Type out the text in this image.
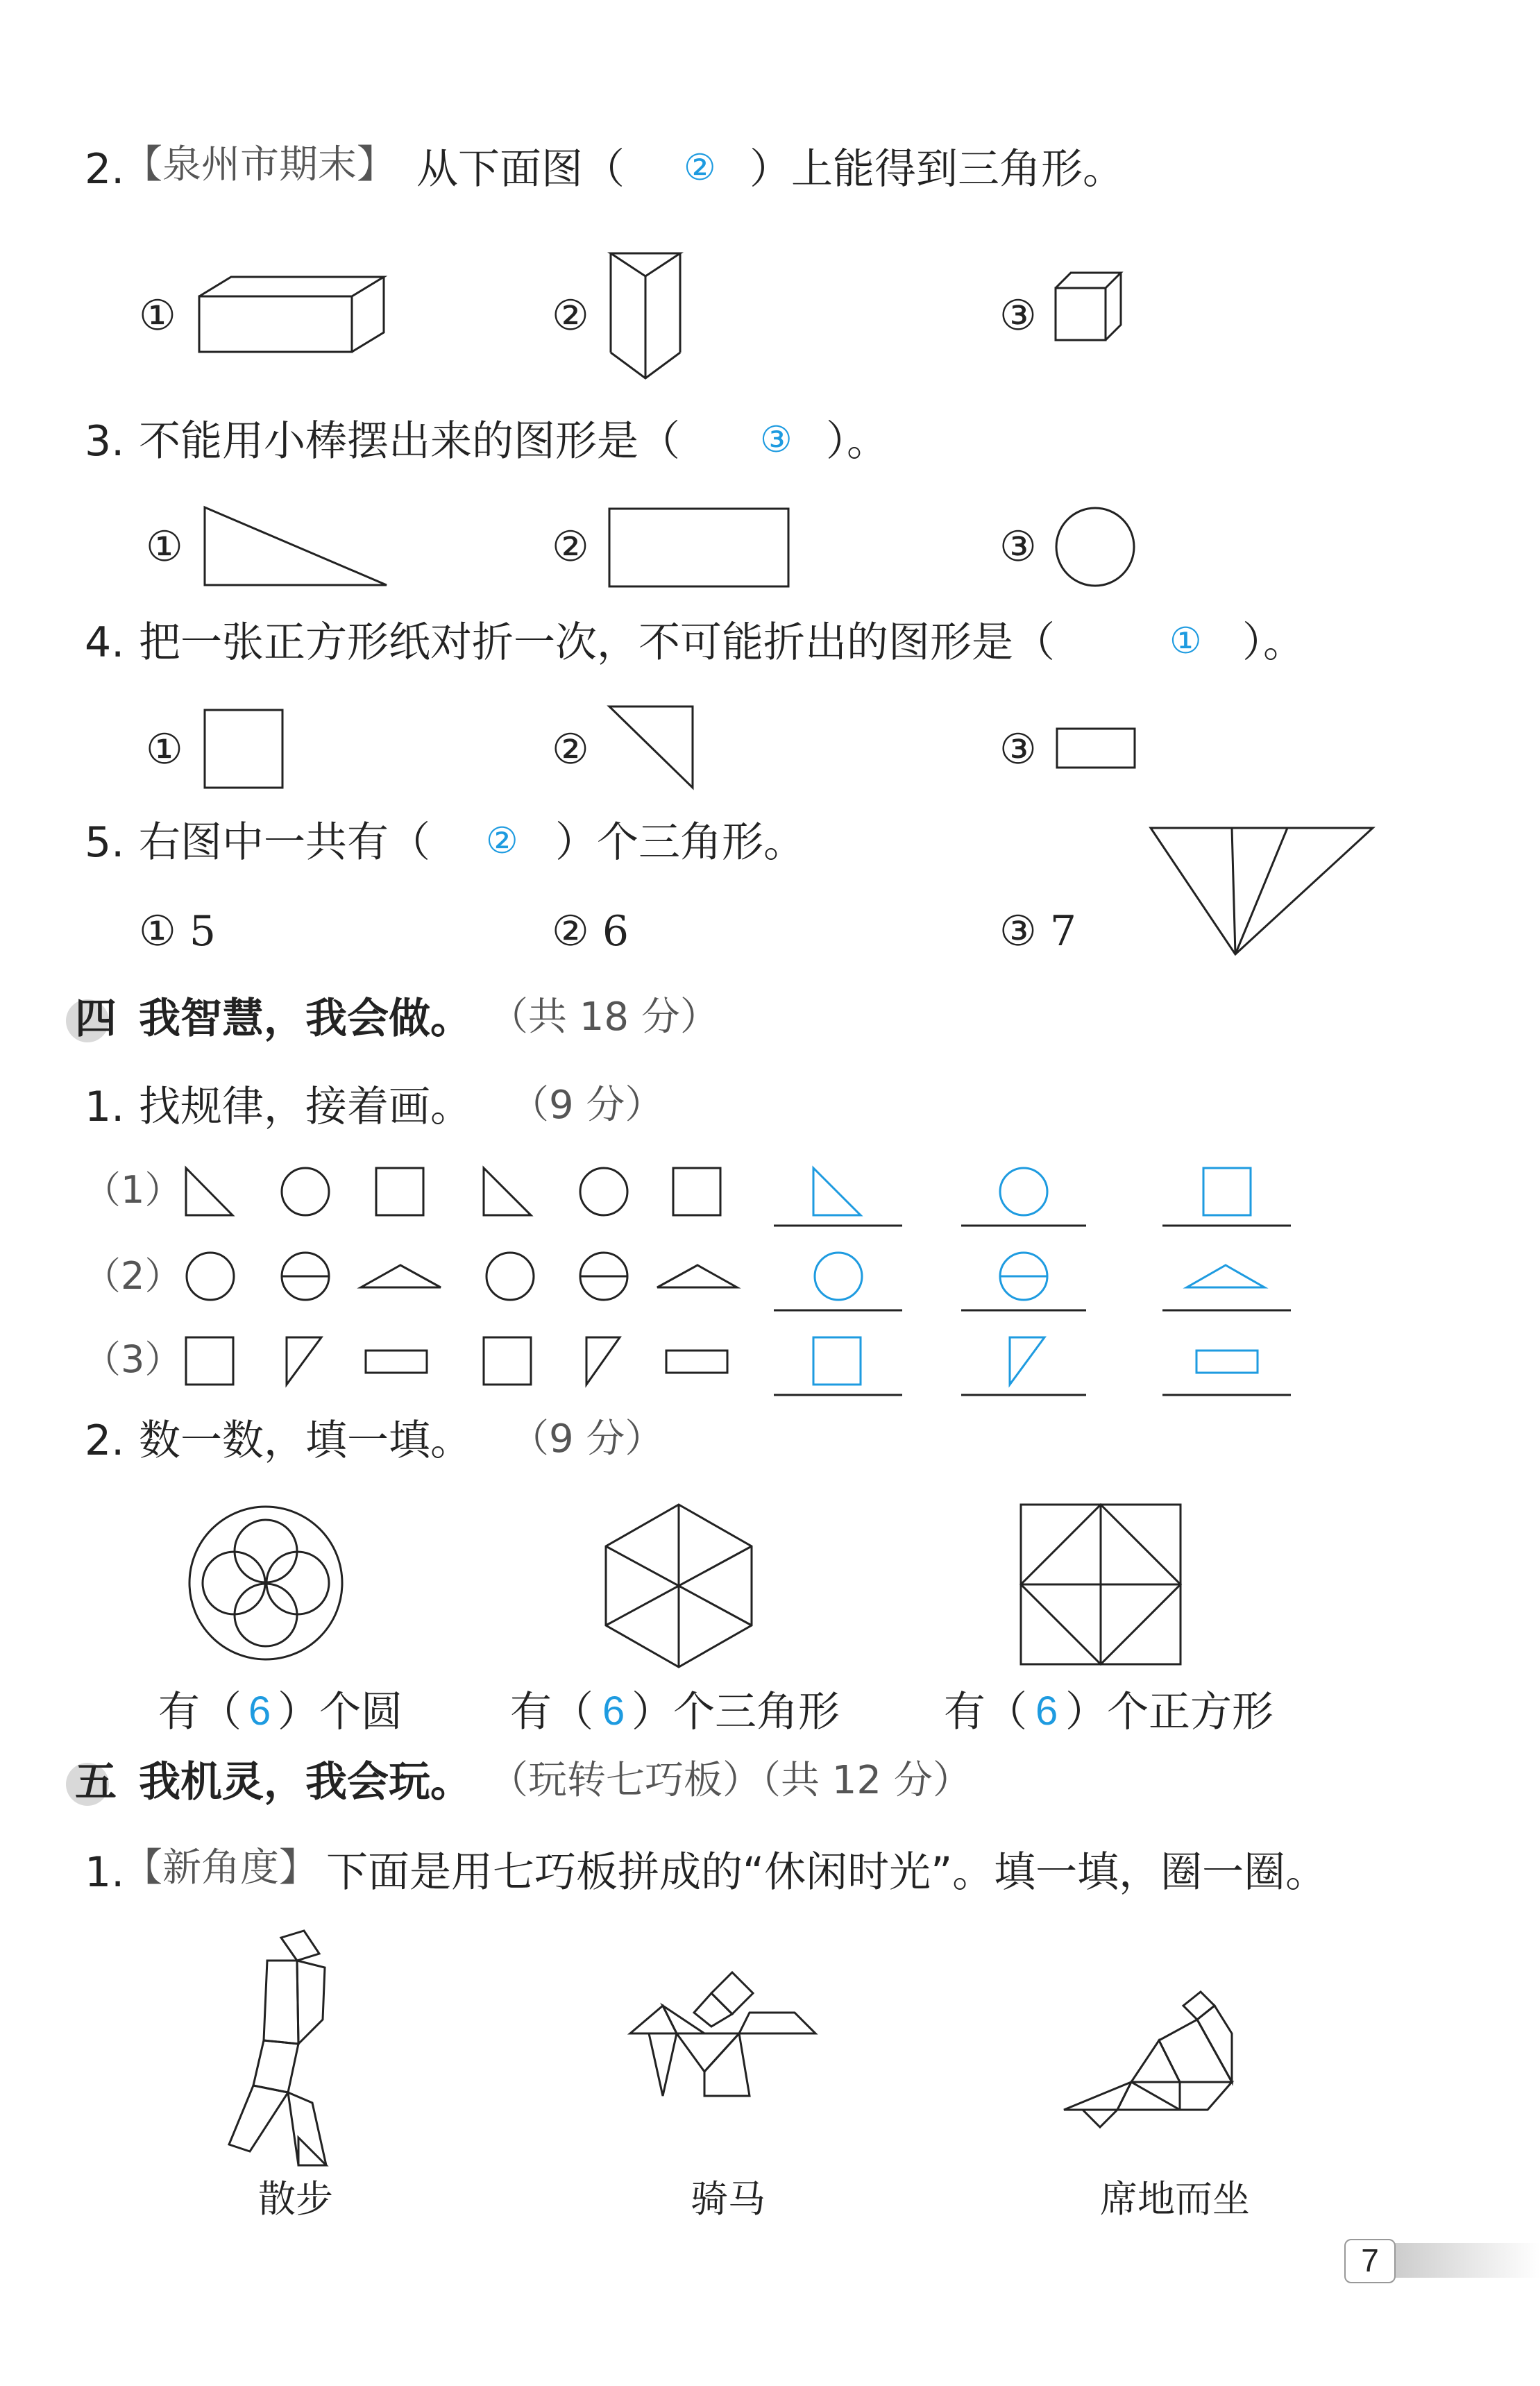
2.
【泉州市期末】 从下面图（ ② ）上能得到三角形。
①	②	③
3. 不能用小棒摆出来的图形是（ ③ ）。
①	②	③
4. 把一张正方形纸对折一次，不可能折出的图形是（	① ）。
①	②	③
5. 右图中一共有（ ② ）个三角形。
① 5	② 6	③ 7
四 我智慧，我会做。 （共 18 分）
1. 找规律，接着画。 （9 分）
（1）
（2）
（3）
2. 数一数，填一填。 （9 分）
有（ 6 ）个圆	有（ 6 ）个三角形	有（ 6 ）个正方形
五 我机灵，我会玩。 （玩转七巧板）（共 12 分）
1.
【新角度】 下面是用七巧板拼成的“休闲时光”。填一填，圈一圈。
散步	骑马	席地而坐
7
